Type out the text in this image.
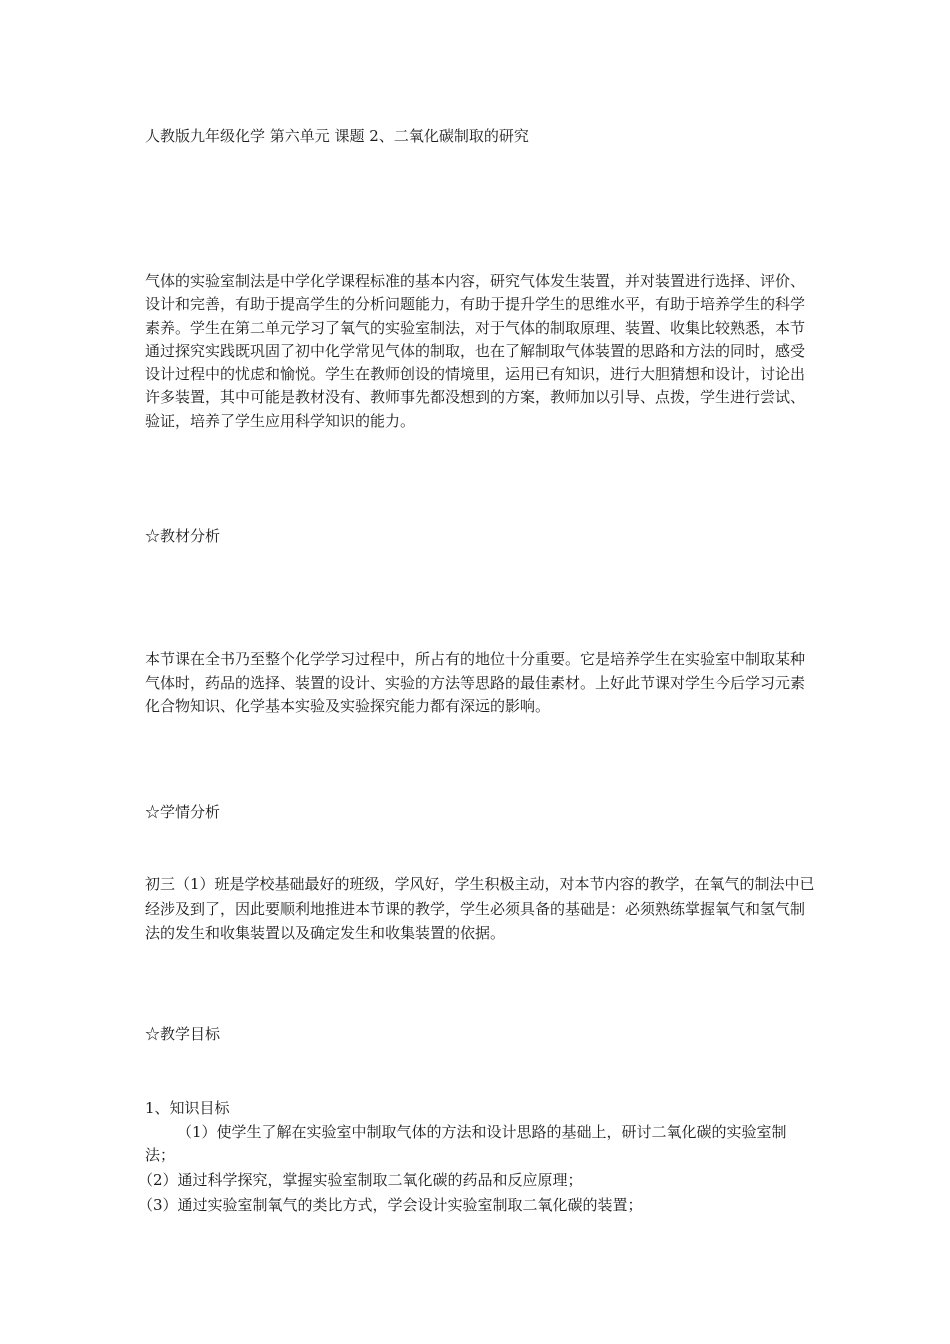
人教版九年级化学 第六单元 课题 2、二氧化碳制取的研究

气体的实验室制法是中学化学课程标准的基本内容，研究气体发生装置，并对装置进行选择、评价、设计和完善，有助于提高学生的分析问题能力，有助于提升学生的思维水平，有助于培养学生的科学素养。学生在第二单元学习了氧气的实验室制法，对于气体的制取原理、装置、收集比较熟悉，本节通过探究实践既巩固了初中化学常见气体的制取，也在了解制取气体装置的思路和方法的同时，感受设计过程中的忧虑和愉悦。学生在教师创设的情境里，运用已有知识，进行大胆猜想和设计，讨论出许多装置，其中可能是教材没有、教师事先都没想到的方案，教师加以引导、点拨，学生进行尝试、验证，培养了学生应用科学知识的能力。

☆教材分析

本节课在全书乃至整个化学学习过程中，所占有的地位十分重要。它是培养学生在实验室中制取某种气体时，药品的选择、装置的设计、实验的方法等思路的最佳素材。上好此节课对学生今后学习元素化合物知识、化学基本实验及实验探究能力都有深远的影响。

☆学情分析

初三（1）班是学校基础最好的班级，学风好，学生积极主动，对本节内容的教学，在氧气的制法中已经涉及到了，因此要顺利地推进本节课的教学，学生必须具备的基础是：必须熟练掌握氧气和氢气制法的发生和收集装置以及确定发生和收集装置的依据。

☆教学目标

1、知识目标

（1）使学生了解在实验室中制取气体的方法和设计思路的基础上，研讨二氧化碳的实验室制法；

（2）通过科学探究，掌握实验室制取二氧化碳的药品和反应原理；

（3）通过实验室制氧气的类比方式，学会设计实验室制取二氧化碳的装置；
